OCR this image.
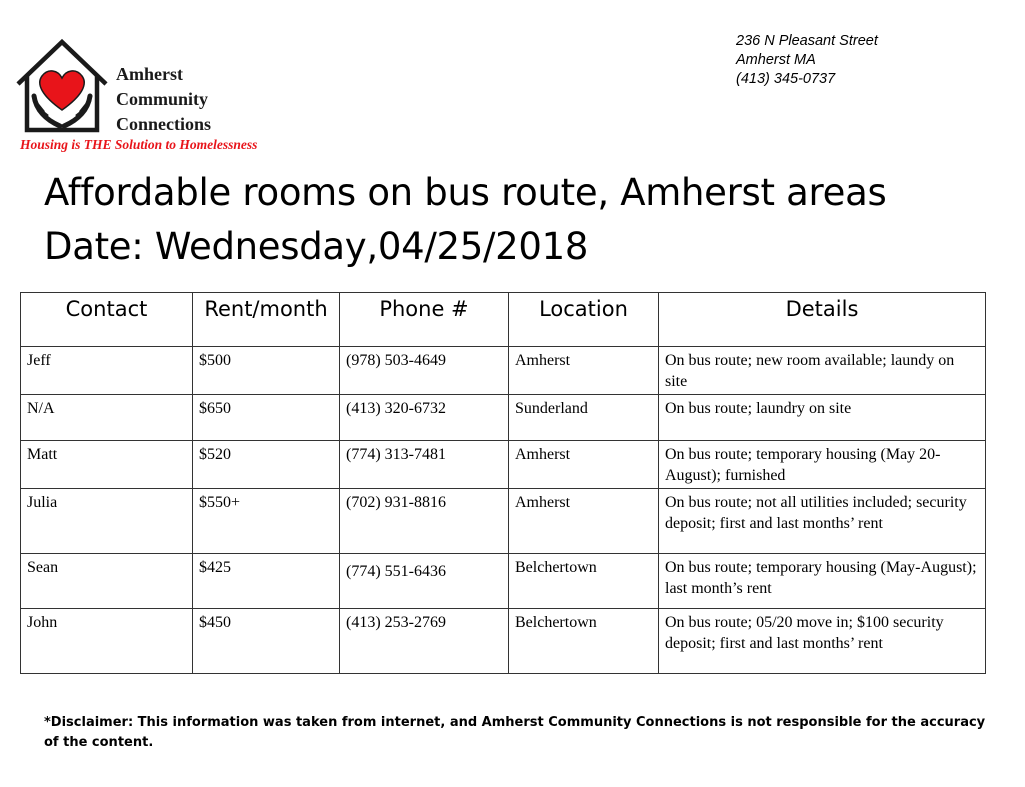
Amherst
Community
Connections
Housing is THE Solution to Homelessness
236 N Pleasant Street
Amherst MA
(413) 345-0737
Affordable rooms on bus route, Amherst areas
Date: Wednesday,04/25/2018
Contact	Rent/month	Phone #	Location	Details
Jeff	$500	(978) 503-4649	Amherst	On bus route; new room available; laundy on site
N/A	$650	(413) 320-6732	Sunderland	On bus route; laundry on site
Matt	$520	(774) 313-7481	Amherst	On bus route; temporary housing (May 20-August); furnished
Julia	$550+	(702) 931-8816	Amherst	On bus route; not all utilities included; security deposit; first and last months’ rent
Sean	$425	(774) 551-6436	Belchertown	On bus route; temporary housing (May-August); last month’s rent
John	$450	(413) 253-2769	Belchertown	On bus route; 05/20 move in; $100 security deposit; first and last months’ rent
*Disclaimer: This information was taken from internet, and Amherst Community Connections is not responsible for the accuracy of the content.
